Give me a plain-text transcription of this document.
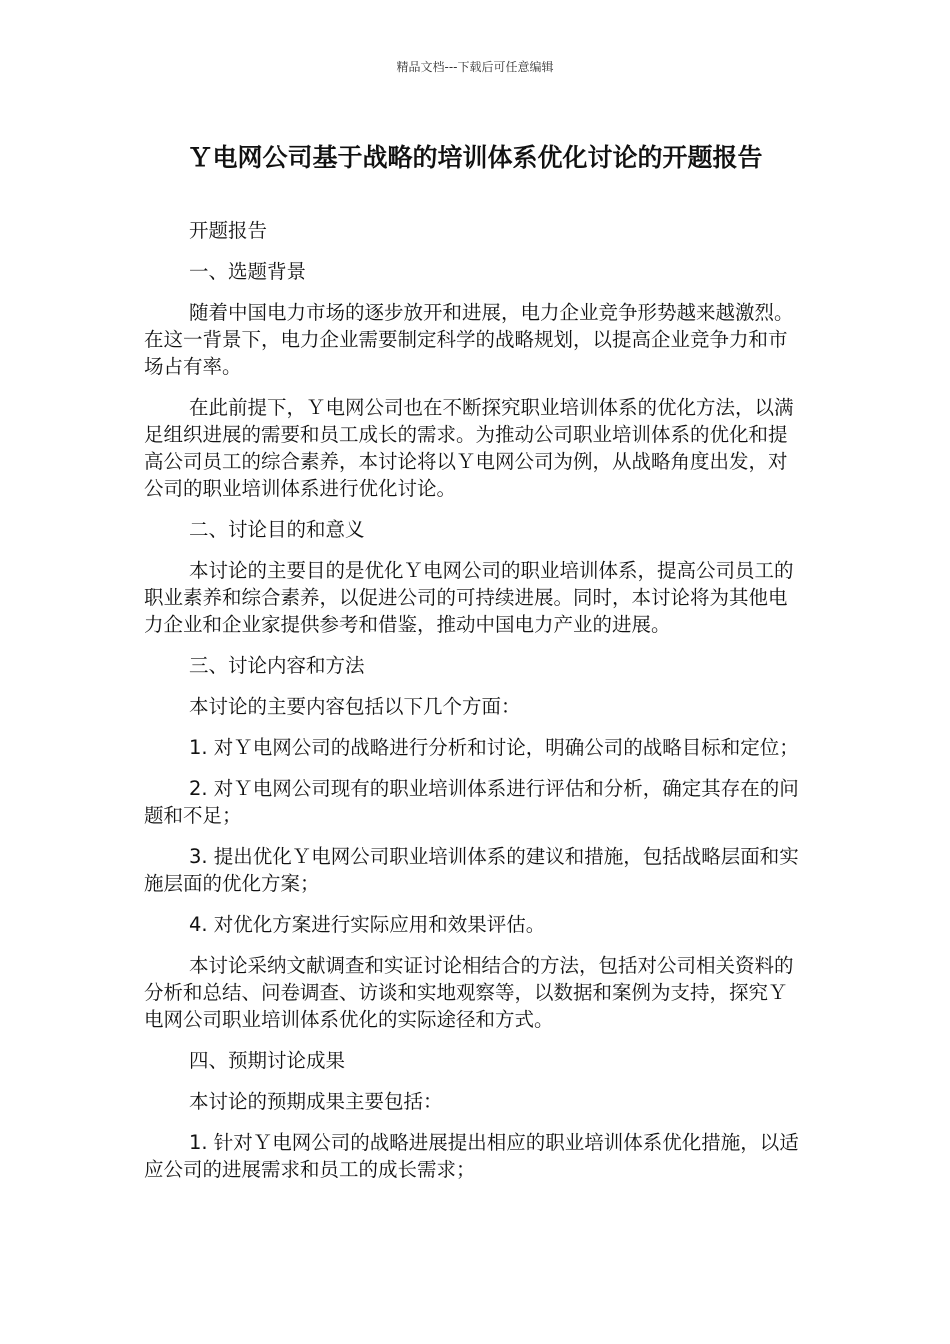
精品文档---下载后可任意编辑
Ｙ电网公司基于战略的培训体系优化讨论的开题报告

开题报告

一、选题背景

随着中国电力市场的逐步放开和进展，电力企业竞争形势越来越激烈。在这一背景下，电力企业需要制定科学的战略规划，以提高企业竞争力和市场占有率。

在此前提下，Ｙ电网公司也在不断探究职业培训体系的优化方法，以满足组织进展的需要和员工成长的需求。为推动公司职业培训体系的优化和提高公司员工的综合素养，本讨论将以Ｙ电网公司为例，从战略角度出发，对公司的职业培训体系进行优化讨论。

二、讨论目的和意义

本讨论的主要目的是优化Ｙ电网公司的职业培训体系，提高公司员工的职业素养和综合素养，以促进公司的可持续进展。同时，本讨论将为其他电力企业和企业家提供参考和借鉴，推动中国电力产业的进展。

三、讨论内容和方法

本讨论的主要内容包括以下几个方面：

1. 对Ｙ电网公司的战略进行分析和讨论，明确公司的战略目标和定位；

2. 对Ｙ电网公司现有的职业培训体系进行评估和分析，确定其存在的问题和不足；

3. 提出优化Ｙ电网公司职业培训体系的建议和措施，包括战略层面和实施层面的优化方案；

4. 对优化方案进行实际应用和效果评估。

本讨论采纳文献调查和实证讨论相结合的方法，包括对公司相关资料的分析和总结、问卷调查、访谈和实地观察等，以数据和案例为支持，探究Ｙ电网公司职业培训体系优化的实际途径和方式。

四、预期讨论成果

本讨论的预期成果主要包括：

1. 针对Ｙ电网公司的战略进展提出相应的职业培训体系优化措施，以适应公司的进展需求和员工的成长需求；
